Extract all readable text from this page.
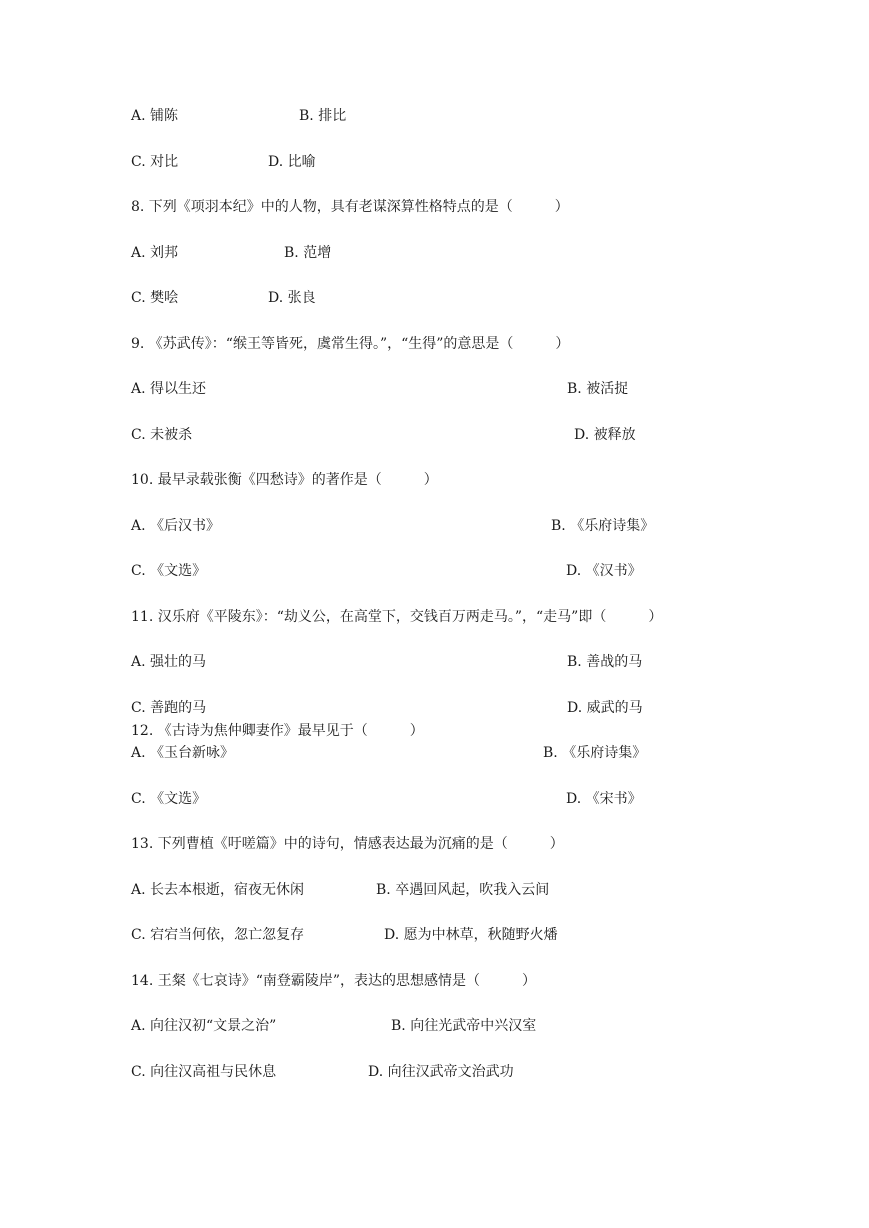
A. 铺陈	B. 排比
C. 对比	D. 比喻
8. 下列《项羽本纪》中的人物，具有老谋深算性格特点的是（　　　）
A. 刘邦	B. 范增
C. 樊哙	D. 张良
9. 《苏武传》：“缑王等皆死，虞常生得。”，“生得”的意思是（　　　）
A. 得以生还	B. 被活捉
C. 未被杀	D. 被释放
10. 最早录载张衡《四愁诗》的著作是（　　　）
A. 《后汉书》	B. 《乐府诗集》
C. 《文选》	D. 《汉书》
11. 汉乐府《平陵东》：“劫义公，在高堂下，交钱百万两走马。”，“走马”即（　　　）
A. 强壮的马	B. 善战的马
C. 善跑的马	D. 威武的马
12. 《古诗为焦仲卿妻作》最早见于（　　　）
A. 《玉台新咏》	B. 《乐府诗集》
C. 《文选》	D. 《宋书》
13. 下列曹植《吁嗟篇》中的诗句，情感表达最为沉痛的是（　　　）
A. 长去本根逝，宿夜无休闲	B. 卒遇回风起，吹我入云间
C. 宕宕当何依，忽亡忽复存	D. 愿为中林草，秋随野火燔
14. 王粲《七哀诗》“南登霸陵岸”，表达的思想感情是（　　　）
A. 向往汉初“文景之治”	B. 向往光武帝中兴汉室
C. 向往汉高祖与民休息	D. 向往汉武帝文治武功
